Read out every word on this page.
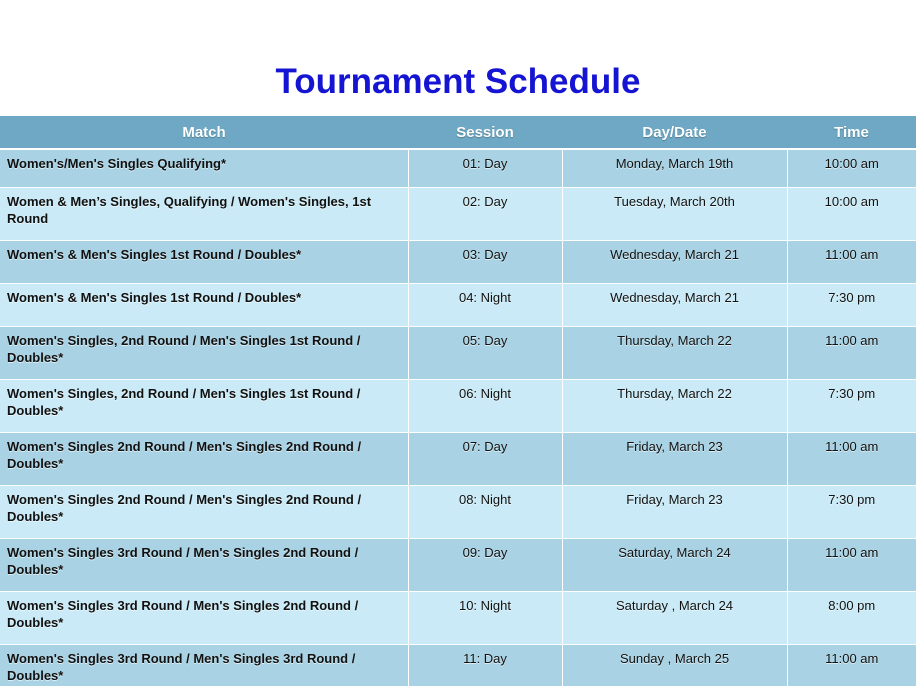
Tournament Schedule
Match	Session	Day/Date	Time
Women's/Men's Singles Qualifying*	01: Day	Monday, March 19th	10:00 am
Women & Men’s Singles, Qualifying / Women's Singles, 1st Round	02: Day	Tuesday, March 20th	10:00 am
Women's & Men's Singles 1st Round / Doubles*	03: Day	Wednesday, March 21	11:00 am
Women's & Men's Singles 1st Round / Doubles*	04: Night	Wednesday, March 21	7:30 pm
Women's Singles, 2nd Round / Men's Singles 1st Round / Doubles*	05: Day	Thursday, March 22	11:00 am
Women's Singles, 2nd Round / Men's Singles 1st Round / Doubles*	06: Night	Thursday, March 22	7:30 pm
Women's Singles 2nd Round / Men's Singles 2nd Round / Doubles*	07: Day	Friday, March 23	11:00 am
Women's Singles 2nd Round / Men's Singles 2nd Round / Doubles*	08: Night	Friday, March 23	7:30 pm
Women's Singles 3rd Round / Men's Singles 2nd Round / Doubles*	09: Day	Saturday, March 24	11:00 am
Women's Singles 3rd Round / Men's Singles 2nd Round / Doubles*	10: Night	Saturday , March 24	8:00 pm
Women's Singles 3rd Round / Men's Singles 3rd Round / Doubles*	11: Day	Sunday , March 25	11:00 am
